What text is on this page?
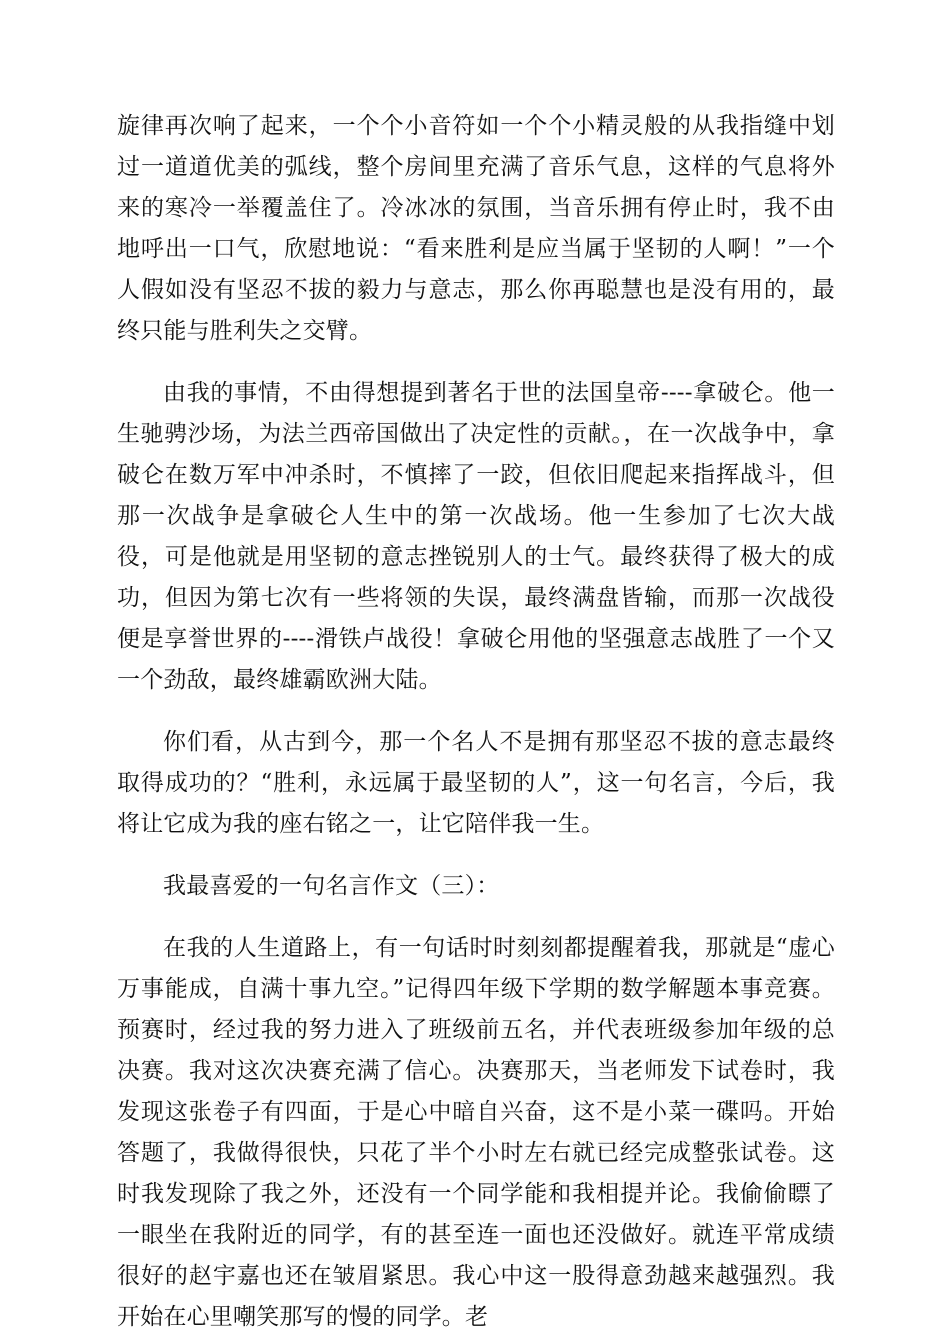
旋律再次响了起来，一个个小音符如一个个小精灵般的从我指缝中划过一道道优美的弧线，整个房间里充满了音乐气息，这样的气息将外来的寒冷一举覆盖住了。冷冰冰的氛围，当音乐拥有停止时，我不由地呼出一口气，欣慰地说：“看来胜利是应当属于坚韧的人啊！”一个人假如没有坚忍不拔的毅力与意志，那么你再聪慧也是没有用的，最终只能与胜利失之交臂。

由我的事情，不由得想提到著名于世的法国皇帝----拿破仑。他一生驰骋沙场，为法兰西帝国做出了决定性的贡献。，在一次战争中，拿破仑在数万军中冲杀时，不慎摔了一跤，但依旧爬起来指挥战斗，但那一次战争是拿破仑人生中的第一次战场。他一生参加了七次大战役，可是他就是用坚韧的意志挫锐别人的士气。最终获得了极大的成功，但因为第七次有一些将领的失误，最终满盘皆输，而那一次战役便是享誉世界的----滑铁卢战役！拿破仑用他的坚强意志战胜了一个又一个劲敌，最终雄霸欧洲大陆。

你们看，从古到今，那一个名人不是拥有那坚忍不拔的意志最终取得成功的？“胜利，永远属于最坚韧的人”，这一句名言，今后，我将让它成为我的座右铭之一，让它陪伴我一生。

我最喜爱的一句名言作文（三）：

在我的人生道路上，有一句话时时刻刻都提醒着我，那就是“虚心万事能成，自满十事九空。”记得四年级下学期的数学解题本事竞赛。预赛时，经过我的努力进入了班级前五名，并代表班级参加年级的总决赛。我对这次决赛充满了信心。决赛那天，当老师发下试卷时，我发现这张卷子有四面，于是心中暗自兴奋，这不是小菜一碟吗。开始答题了，我做得很快，只花了半个小时左右就已经完成整张试卷。这时我发现除了我之外，还没有一个同学能和我相提并论。我偷偷瞟了一眼坐在我附近的同学，有的甚至连一面也还没做好。就连平常成绩很好的赵宇嘉也还在皱眉紧思。我心中这一股得意劲越来越强烈。我开始在心里嘲笑那写的慢的同学。老
